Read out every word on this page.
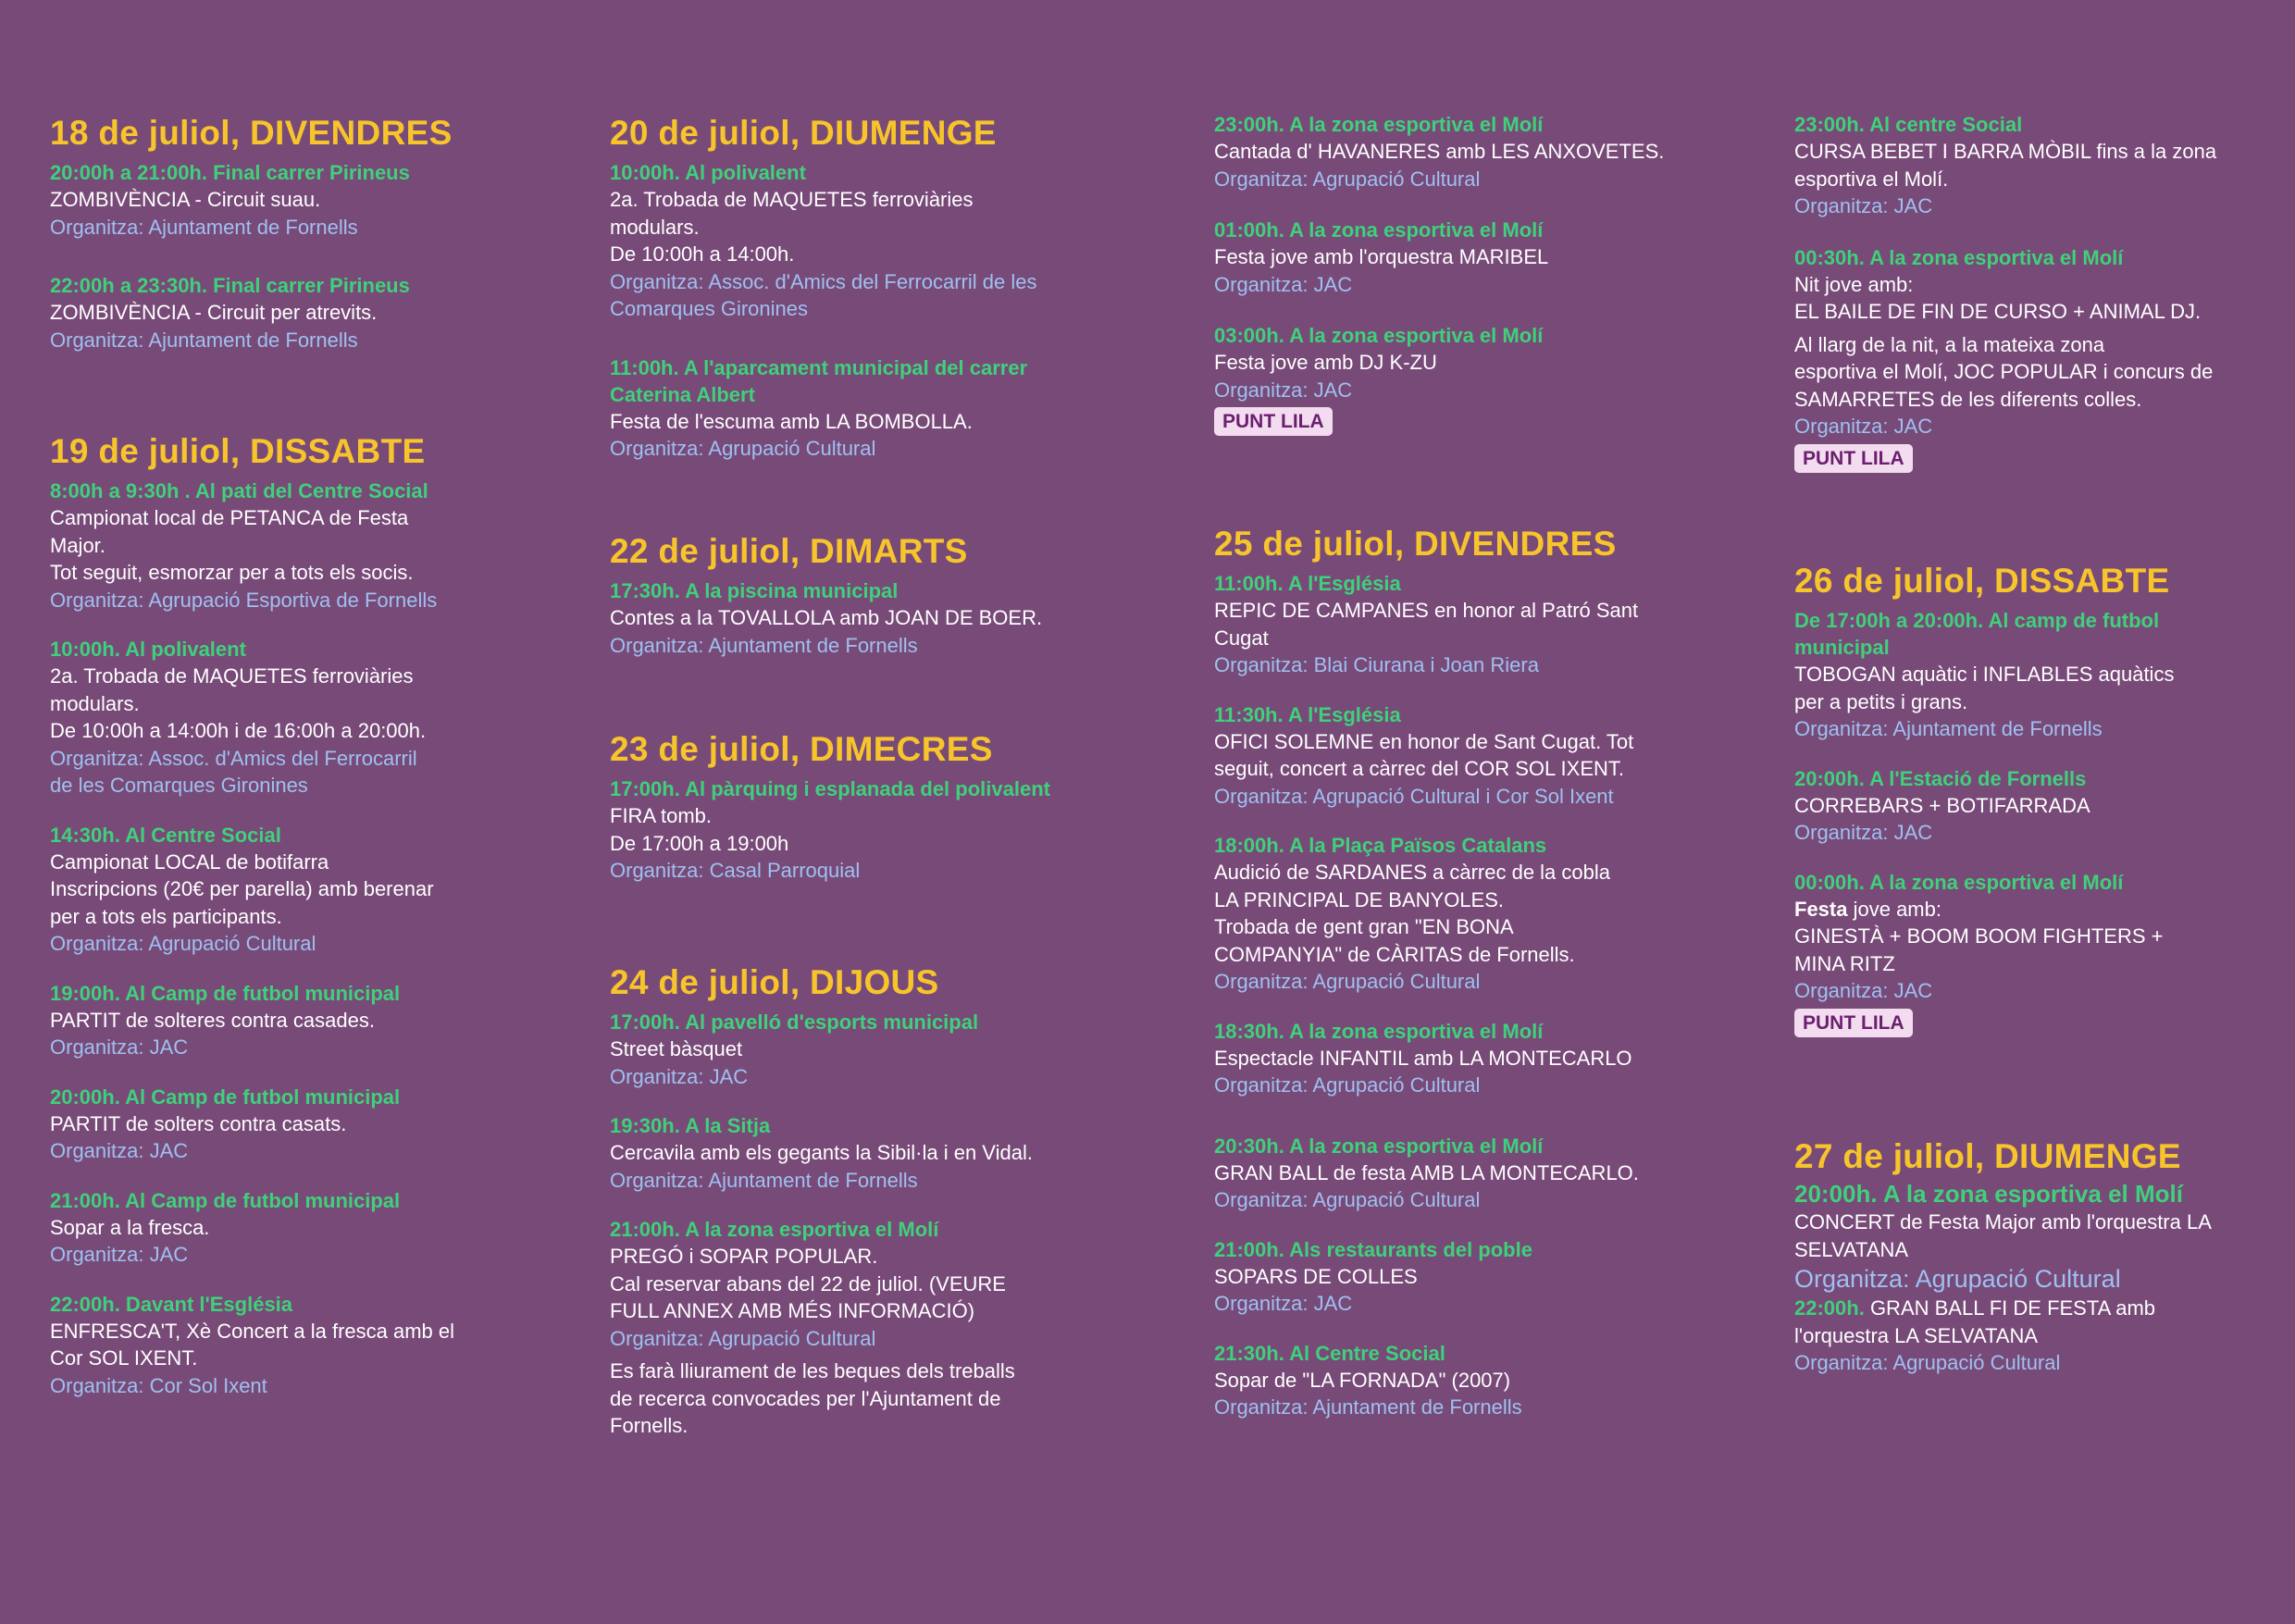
18 de juliol, DIVENDRES
20:00h a 21:00h. Final carrer Pirineus
ZOMBIVÈNCIA - Circuit suau.
Organitza: Ajuntament de Fornells
22:00h a 23:30h. Final carrer Pirineus
ZOMBIVÈNCIA - Circuit per atrevits.
Organitza: Ajuntament de Fornells
19 de juliol, DISSABTE
8:00h a 9:30h . Al pati del Centre Social
Campionat local de PETANCA de Festa
Major.
Tot seguit, esmorzar per a tots els socis.
Organitza: Agrupació Esportiva de Fornells
10:00h. Al polivalent
2a. Trobada de MAQUETES ferroviàries
modulars.
De 10:00h a 14:00h i de 16:00h a 20:00h.
Organitza: Assoc. d'Amics del Ferrocarril
de les Comarques Gironines
14:30h. Al Centre Social
Campionat LOCAL de botifarra
Inscripcions (20€ per parella) amb berenar
per a tots els participants.
Organitza: Agrupació Cultural
19:00h. Al Camp de futbol municipal
PARTIT de solteres contra casades.
Organitza: JAC
20:00h. Al Camp de futbol municipal
PARTIT de solters contra casats.
Organitza: JAC
21:00h. Al Camp de futbol municipal
Sopar a la fresca.
Organitza: JAC
22:00h. Davant l'Església
ENFRESCA'T, Xè Concert a la fresca amb el
Cor SOL IXENT.
Organitza: Cor Sol Ixent
20 de juliol, DIUMENGE
10:00h. Al polivalent
2a. Trobada de MAQUETES ferroviàries
modulars.
De 10:00h a 14:00h.
Organitza: Assoc. d'Amics del Ferrocarril de les
Comarques Gironines
11:00h. A l'aparcament municipal del carrer
Caterina Albert
Festa de l'escuma amb LA BOMBOLLA.
Organitza: Agrupació Cultural
22 de juliol, DIMARTS
17:30h. A la piscina municipal
Contes a la TOVALLOLA amb JOAN DE BOER.
Organitza: Ajuntament de Fornells
23 de juliol, DIMECRES
17:00h. Al pàrquing i esplanada del polivalent
FIRA tomb.
De 17:00h a 19:00h
Organitza: Casal Parroquial
24 de juliol, DIJOUS
17:00h. Al pavelló d'esports municipal
Street bàsquet
Organitza: JAC
19:30h. A la Sitja
Cercavila amb els gegants la Sibil·la i en Vidal.
Organitza: Ajuntament de Fornells
21:00h. A la zona esportiva el Molí
PREGÓ i SOPAR POPULAR.
Cal reservar abans del 22 de juliol. (VEURE
FULL ANNEX AMB MÉS INFORMACIÓ)
Organitza: Agrupació Cultural
Es farà lliurament de les beques dels treballs
de recerca convocades per l'Ajuntament de
Fornells.
23:00h. A la zona esportiva el Molí
Cantada d' HAVANERES amb LES ANXOVETES.
Organitza: Agrupació Cultural
01:00h. A la zona esportiva el Molí
Festa jove amb l'orquestra MARIBEL
Organitza: JAC
03:00h. A la zona esportiva el Molí
Festa jove amb DJ K-ZU
Organitza: JAC
PUNT LILA
25 de juliol, DIVENDRES
11:00h. A l'Església
REPIC DE CAMPANES en honor al Patró Sant
Cugat
Organitza: Blai Ciurana i Joan Riera
11:30h. A l'Església
OFICI SOLEMNE en honor de Sant Cugat. Tot
seguit, concert a càrrec del COR SOL IXENT.
Organitza: Agrupació Cultural i Cor Sol Ixent
18:00h. A la Plaça Països Catalans
Audició de SARDANES a càrrec de la cobla
LA PRINCIPAL DE BANYOLES.
Trobada de gent gran "EN BONA
COMPANYIA" de CÀRITAS de Fornells.
Organitza: Agrupació Cultural
18:30h. A la zona esportiva el Molí
Espectacle INFANTIL amb LA MONTECARLO
Organitza: Agrupació Cultural
20:30h. A la zona esportiva el Molí
GRAN BALL de festa AMB LA MONTECARLO.
Organitza: Agrupació Cultural
21:00h. Als restaurants del poble
SOPARS DE COLLES
Organitza: JAC
21:30h. Al Centre Social
Sopar de "LA FORNADA" (2007)
Organitza: Ajuntament de Fornells
23:00h. Al centre Social
CURSA BEBET I BARRA MÒBIL fins a la zona
esportiva el Molí.
Organitza: JAC
00:30h. A la zona esportiva el Molí
Nit jove amb:
EL BAILE DE FIN DE CURSO + ANIMAL DJ.
Al llarg de la nit, a la mateixa zona
esportiva el Molí, JOC POPULAR i concurs de
SAMARRETES de les diferents colles.
Organitza: JAC
PUNT LILA
26 de juliol, DISSABTE
De 17:00h a 20:00h. Al camp de futbol
municipal
TOBOGAN aquàtic i INFLABLES aquàtics
per a petits i grans.
Organitza: Ajuntament de Fornells
20:00h. A l'Estació de Fornells
CORREBARS + BOTIFARRADA
Organitza: JAC
00:00h. A la zona esportiva el Molí
Festa jove amb:
GINESTÀ + BOOM BOOM FIGHTERS +
MINA RITZ
Organitza: JAC
PUNT LILA
27 de juliol, DIUMENGE
20:00h. A la zona esportiva el Molí
CONCERT de Festa Major amb l'orquestra LA
SELVATANA
Organitza: Agrupació Cultural
22:00h. GRAN BALL FI DE FESTA amb
l'orquestra LA SELVATANA
Organitza: Agrupació Cultural
